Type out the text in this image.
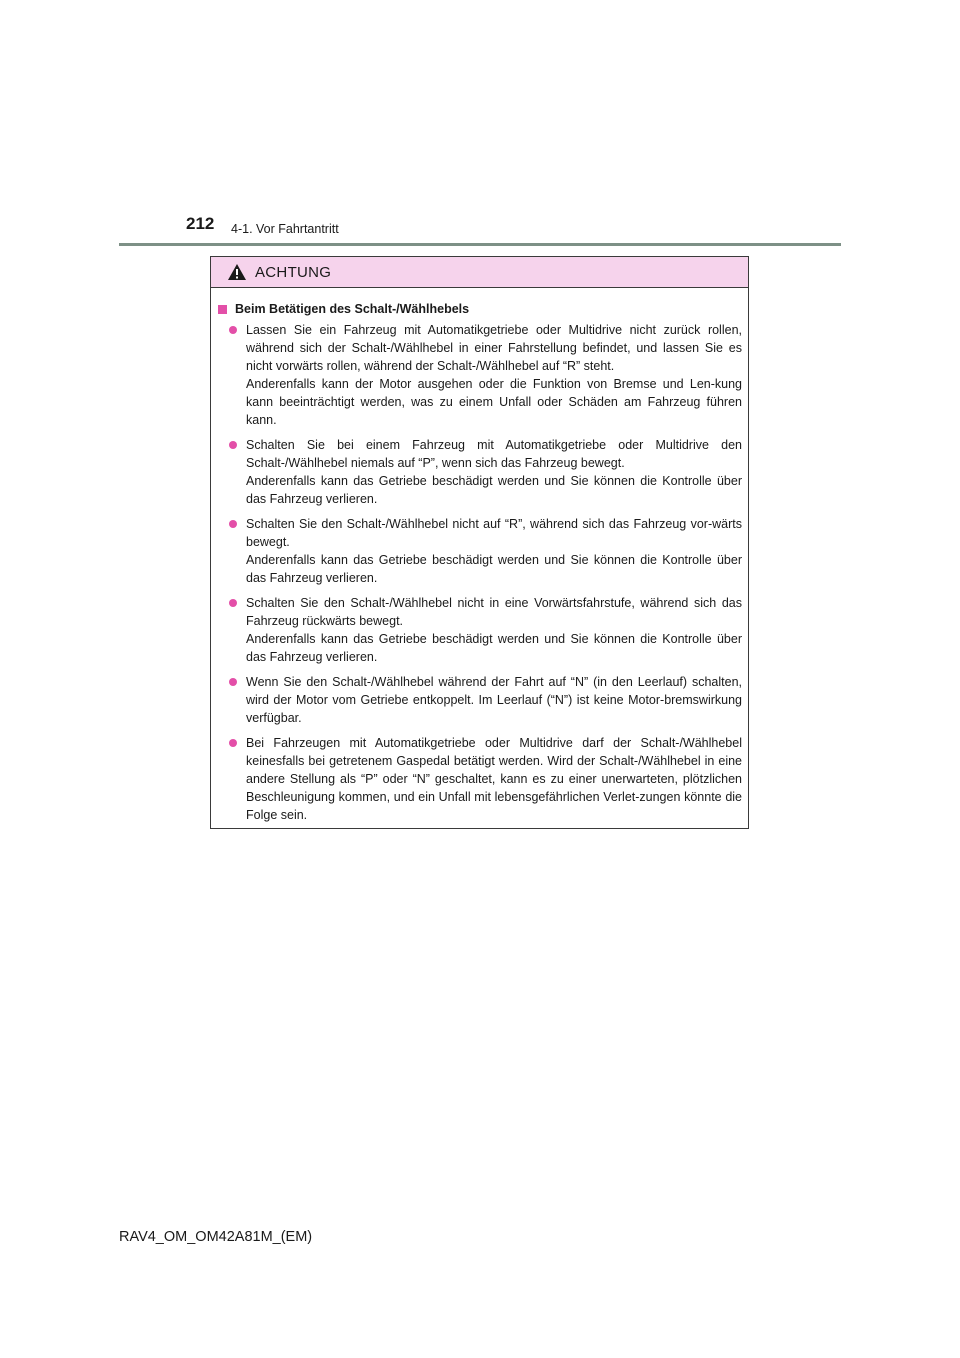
212 4-1. Vor Fahrtantritt
ACHTUNG
Beim Betätigen des Schalt-/Wählhebels

Lassen Sie ein Fahrzeug mit Automatikgetriebe oder Multidrive nicht zurück rollen, während sich der Schalt-/Wählhebel in einer Fahrstellung befindet, und lassen Sie es nicht vorwärts rollen, während der Schalt-/Wählhebel auf “R” steht.

Anderenfalls kann der Motor ausgehen oder die Funktion von Bremse und Len-kung kann beeinträchtigt werden, was zu einem Unfall oder Schäden am Fahrzeug führen kann.

Schalten Sie bei einem Fahrzeug mit Automatikgetriebe oder Multidrive den Schalt-/Wählhebel niemals auf “P”, wenn sich das Fahrzeug bewegt.

Anderenfalls kann das Getriebe beschädigt werden und Sie können die Kontrolle über das Fahrzeug verlieren.

Schalten Sie den Schalt-/Wählhebel nicht auf “R”, während sich das Fahrzeug vor-wärts bewegt.

Anderenfalls kann das Getriebe beschädigt werden und Sie können die Kontrolle über das Fahrzeug verlieren.

Schalten Sie den Schalt-/Wählhebel nicht in eine Vorwärtsfahrstufe, während sich das Fahrzeug rückwärts bewegt.

Anderenfalls kann das Getriebe beschädigt werden und Sie können die Kontrolle über das Fahrzeug verlieren.

Wenn Sie den Schalt-/Wählhebel während der Fahrt auf “N” (in den Leerlauf) schalten, wird der Motor vom Getriebe entkoppelt. Im Leerlauf (“N”) ist keine Motor-bremswirkung verfügbar.

Bei Fahrzeugen mit Automatikgetriebe oder Multidrive darf der Schalt-/Wählhebel keinesfalls bei getretenem Gaspedal betätigt werden. Wird der Schalt-/Wählhebel in eine andere Stellung als “P” oder “N” geschaltet, kann es zu einer unerwarteten, plötzlichen Beschleunigung kommen, und ein Unfall mit lebensgefährlichen Verlet-zungen könnte die Folge sein.

RAV4_OM_OM42A81M_(EM)
